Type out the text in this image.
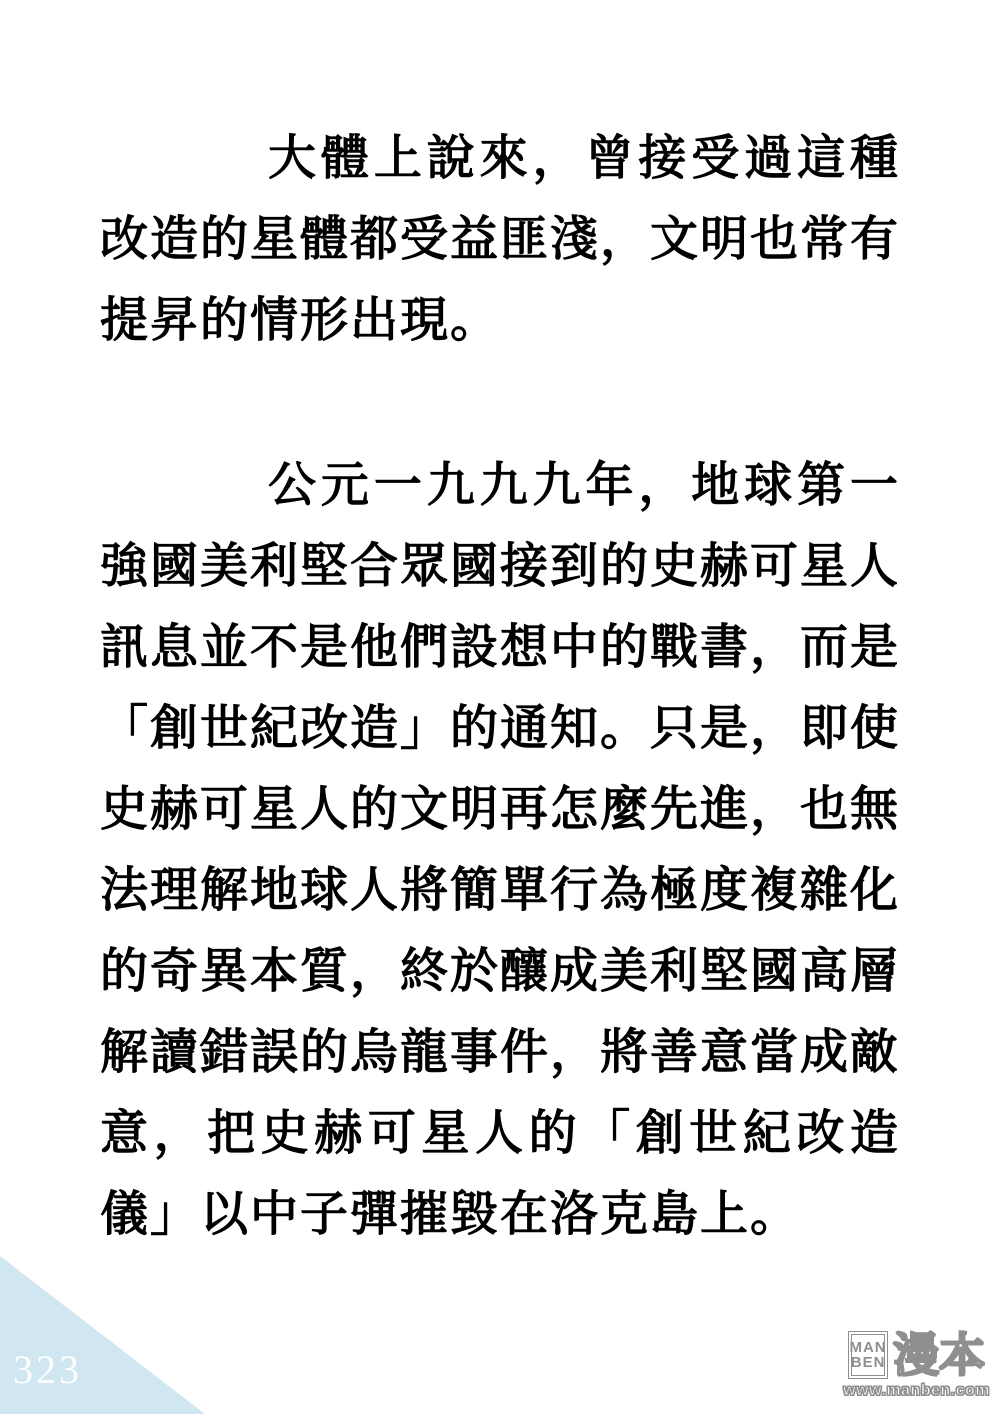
大體上說來，曾接受過這種改造的星體都受益匪淺，文明也常有提昇的情形出現。

公元一九九九年，地球第一強國美利堅合眾國接到的史赫可星人訊息並不是他們設想中的戰書，而是「創世紀改造」的通知。只是，即使史赫可星人的文明再怎麼先進，也無法理解地球人將簡單行為極度複雜化的奇異本質，終於釀成美利堅國高層解讀錯誤的烏龍事件，將善意當成敵意，把史赫可星人的「創世紀改造儀」以中子彈摧毀在洛克島上。

323	MAN
BEN 漫本
www.manben.com
